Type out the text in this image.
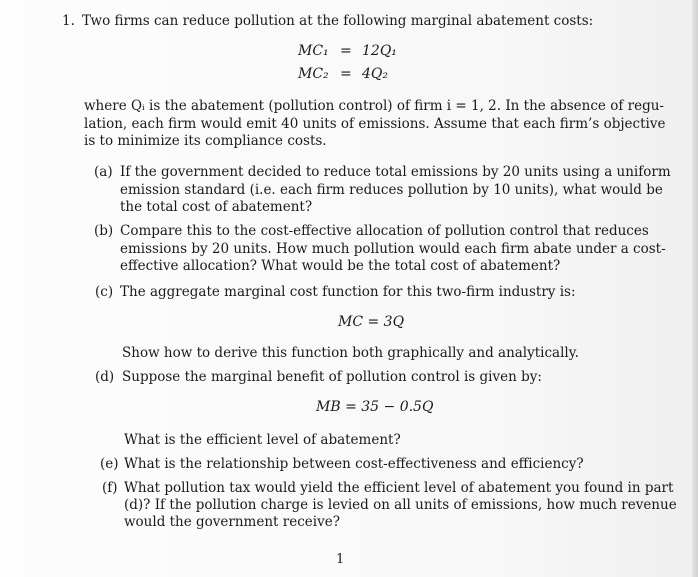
1. Two firms can reduce pollution at the following marginal abatement costs:
MC₁ = 12Q₁
MC₂ = 4Q₂
where Qᵢ is the abatement (pollution control) of firm i = 1, 2. In the absence of regu-
lation, each firm would emit 40 units of emissions. Assume that each firm’s objective
is to minimize its compliance costs.
(a) If the government decided to reduce total emissions by 20 units using a uniform
emission standard (i.e. each firm reduces pollution by 10 units), what would be
the total cost of abatement?
(b) Compare this to the cost-effective allocation of pollution control that reduces
emissions by 20 units. How much pollution would each firm abate under a cost-
effective allocation? What would be the total cost of abatement?
(c) The aggregate marginal cost function for this two-firm industry is:
MC = 3Q
Show how to derive this function both graphically and analytically.
(d) Suppose the marginal benefit of pollution control is given by:
MB = 35 − 0.5Q
What is the efficient level of abatement?
(e) What is the relationship between cost-effectiveness and efficiency?
(f) What pollution tax would yield the efficient level of abatement you found in part
(d)? If the pollution charge is levied on all units of emissions, how much revenue
would the government receive?
1
